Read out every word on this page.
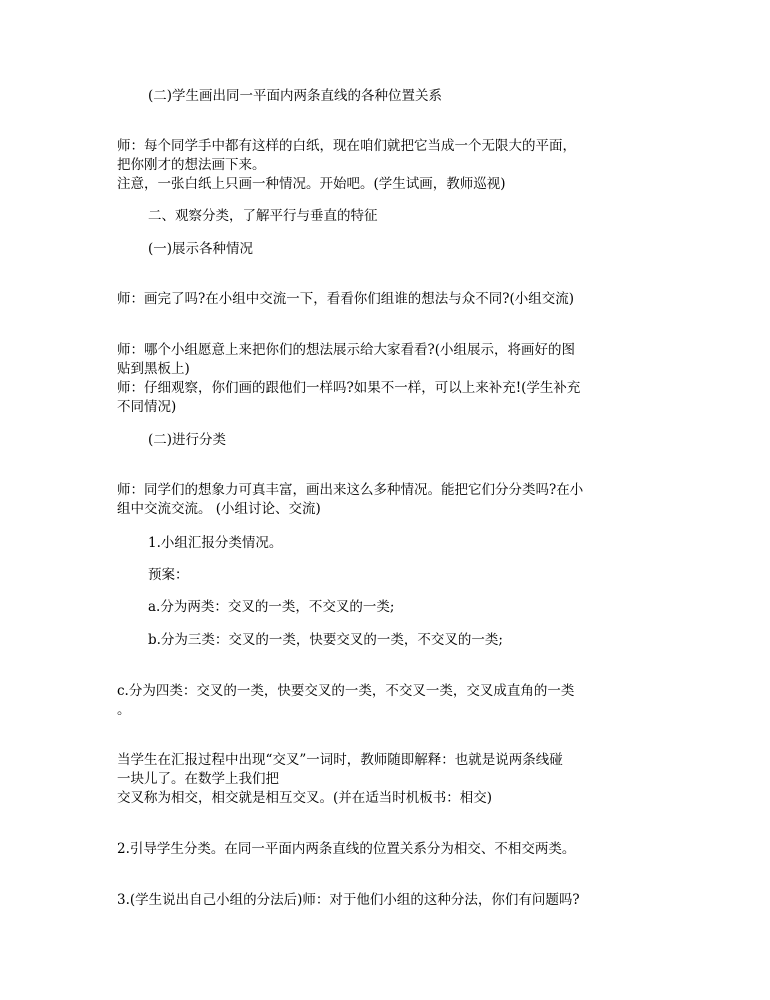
(二)学生画出同一平面内两条直线的各种位置关系

师：每个同学手中都有这样的白纸，现在咱们就把它当成一个无限大的平面，

把你刚才的想法画下来。

注意，一张白纸上只画一种情况。开始吧。(学生试画，教师巡视)

二、观察分类，了解平行与垂直的特征

(一)展示各种情况

师：画完了吗?在小组中交流一下，看看你们组谁的想法与众不同?(小组交流)

师：哪个小组愿意上来把你们的想法展示给大家看看?(小组展示，将画好的图

贴到黑板上)

师：仔细观察，你们画的跟他们一样吗?如果不一样，可以上来补充!(学生补充

不同情况)

(二)进行分类

师：同学们的想象力可真丰富，画出来这么多种情况。能把它们分分类吗?在小

组中交流交流。 (小组讨论、交流)

1.小组汇报分类情况。

预案：

a.分为两类：交叉的一类，不交叉的一类;

b.分为三类：交叉的一类，快要交叉的一类，不交叉的一类;

c.分为四类：交叉的一类，快要交叉的一类，不交叉一类，交叉成直角的一类

。

当学生在汇报过程中出现“交叉”一词时，教师随即解释：也就是说两条线碰

一块儿了。在数学上我们把

交叉称为相交，相交就是相互交叉。(并在适当时机板书：相交)

2.引导学生分类。在同一平面内两条直线的位置关系分为相交、不相交两类。

3.(学生说出自己小组的分法后)师：对于他们小组的这种分法，你们有问题吗?
